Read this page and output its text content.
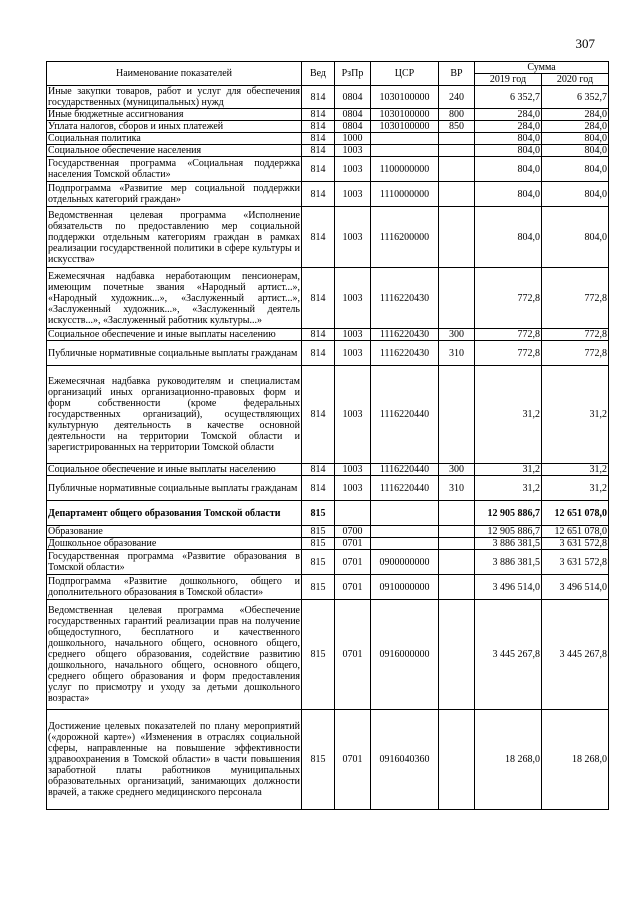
307
Наименование показателей	Вед	РзПр	ЦСР	ВР	Сумма	
					2019 год	2020 год
Иные закупки товаров, работ и услуг для обеспечения государственных (муниципальных) нужд	814	0804	1030100000	240	6 352,7	6 352,7
Иные бюджетные ассигнования	814	0804	1030100000	800	284,0	284,0
Уплата налогов, сборов и иных платежей	814	0804	1030100000	850	284,0	284,0
Социальная политика	814	1000			804,0	804,0
Социальное обеспечение населения	814	1003			804,0	804,0
Государственная программа «Социальная поддержка населения Томской области»	814	1003	1100000000		804,0	804,0
Подпрограмма «Развитие мер социальной поддержки отдельных категорий граждан»	814	1003	1110000000		804,0	804,0
Ведомственная целевая программа «Исполнение обязательств по предоставлению мер социальной поддержки отдельным категориям граждан в рамках реализации государственной политики в сфере культуры и искусства»	814	1003	1116200000		804,0	804,0
Ежемесячная надбавка неработающим пенсионерам, имеющим почетные звания «Народный артист...», «Народный художник...», «Заслуженный артист...», «Заслуженный художник...», «Заслуженный деятель искусств...», «Заслуженный работник культуры...»	814	1003	1116220430		772,8	772,8
Социальное обеспечение и иные выплаты населению	814	1003	1116220430	300	772,8	772,8
Публичные нормативные социальные выплаты гражданам	814	1003	1116220430	310	772,8	772,8
Ежемесячная надбавка руководителям и специалистам организаций иных организационно-правовых форм и форм собственности (кроме федеральных государственных организаций), осуществляющих культурную деятельность в качестве основной деятельности на территории Томской области и зарегистрированных на территории Томской области	814	1003	1116220440		31,2	31,2
Социальное обеспечение и иные выплаты населению	814	1003	1116220440	300	31,2	31,2
Публичные нормативные социальные выплаты гражданам	814	1003	1116220440	310	31,2	31,2
Департамент общего образования Томской области	815				12 905 886,7	12 651 078,0
Образование	815	0700			12 905 886,7	12 651 078,0
Дошкольное образование	815	0701			3 886 381,5	3 631 572,8
Государственная программа «Развитие образования в Томской области»	815	0701	0900000000		3 886 381,5	3 631 572,8
Подпрограмма «Развитие дошкольного, общего и дополнительного образования в Томской области»	815	0701	0910000000		3 496 514,0	3 496 514,0
Ведомственная целевая программа «Обеспечение государственных гарантий реализации прав на получение общедоступного, бесплатного и качественного дошкольного, начального общего, основного общего, среднего общего образования, содействие развитию дошкольного, начального общего, основного общего, среднего общего образования и форм предоставления услуг по присмотру и уходу за детьми дошкольного возраста»	815	0701	0916000000		3 445 267,8	3 445 267,8
Достижение целевых показателей по плану мероприятий («дорожной карте») «Изменения в отраслях социальной сферы, направленные на повышение эффективности здравоохранения в Томской области» в части повышения заработной платы работников муниципальных образовательных организаций, занимающих должности врачей, а также среднего медицинского персонала	815	0701	0916040360		18 268,0	18 268,0
